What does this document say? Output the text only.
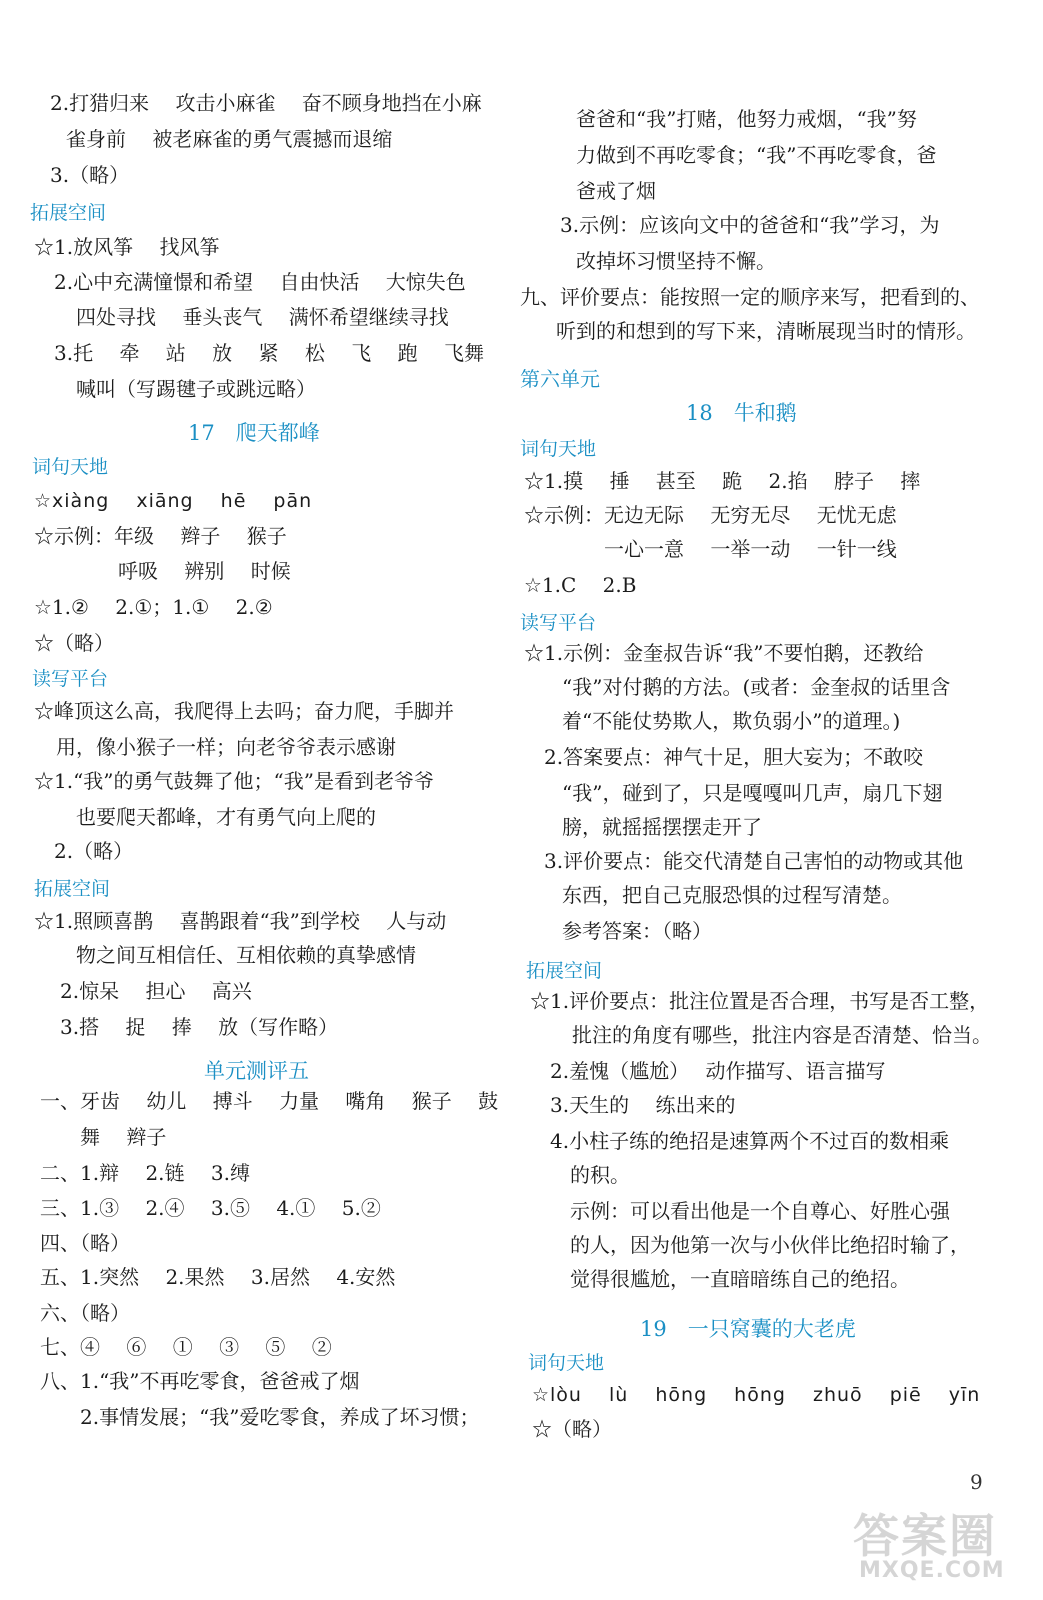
2.打猎归来　 攻击小麻雀　 奋不顾身地挡在小麻
雀身前　 被老麻雀的勇气震撼而退缩
3.（略）
拓展空间
☆1.放风筝　 找风筝
2.心中充满憧憬和希望　 自由快活　 大惊失色
四处寻找　 垂头丧气　 满怀希望继续寻找
3.托　 牵　 站　 放　 紧　 松　 飞　 跑　 飞舞
喊叫（写踢毽子或跳远略）
17　爬天都峰
词句天地
☆xiàng　 xiāng　 hē　 pān
☆示例：年级　 辫子　 猴子
呼吸　 辨别　 时候
☆1.②　 2.①；1.①　 2.②
☆（略）
读写平台
☆峰顶这么高，我爬得上去吗；奋力爬，手脚并
用，像小猴子一样；向老爷爷表示感谢
☆1.“我”的勇气鼓舞了他；“我”是看到老爷爷
也要爬天都峰，才有勇气向上爬的
2.（略）
拓展空间
☆1.照顾喜鹊　 喜鹊跟着“我”到学校　 人与动
物之间互相信任、互相依赖的真挚感情
2.惊呆　 担心　 高兴
3.搭　 捉　 捧　 放（写作略）
单元测评五
一、牙齿　 幼儿　 搏斗　 力量　 嘴角　 猴子　 鼓
舞　 辫子
二、1.辩　 2.链　 3.缚
三、1.③　 2.④　 3.⑤　 4.①　 5.②
四、（略）
五、1.突然　 2.果然　 3.居然　 4.安然
六、（略）
七、④　 ⑥　 ①　 ③　 ⑤　 ②
八、1.“我”不再吃零食，爸爸戒了烟
2.事情发展；“我”爱吃零食，养成了坏习惯；
爸爸和“我”打赌，他努力戒烟，“我”努
力做到不再吃零食；“我”不再吃零食，爸
爸戒了烟
3.示例：应该向文中的爸爸和“我”学习，为
改掉坏习惯坚持不懈。
九、评价要点：能按照一定的顺序来写，把看到的、
听到的和想到的写下来，清晰展现当时的情形。
第六单元
18　牛和鹅
词句天地
☆1.摸　 捶　 甚至　 跪　 2.掐　 脖子　 摔
☆示例：无边无际　 无穷无尽　 无忧无虑
一心一意　 一举一动　 一针一线
☆1.C　 2.B
读写平台
☆1.示例：金奎叔告诉“我”不要怕鹅，还教给
“我”对付鹅的方法。(或者：金奎叔的话里含
着“不能仗势欺人，欺负弱小”的道理。)
2.答案要点：神气十足，胆大妄为；不敢咬
“我”，碰到了，只是嘎嘎叫几声，扇几下翅
膀，就摇摇摆摆走开了
3.评价要点：能交代清楚自己害怕的动物或其他
东西，把自己克服恐惧的过程写清楚。
参考答案：（略）
拓展空间
☆1.评价要点：批注位置是否合理，书写是否工整，
批注的角度有哪些，批注内容是否清楚、恰当。
2.羞愧（尴尬）　 动作描写、语言描写
3.天生的　 练出来的
4.小柱子练的绝招是速算两个不过百的数相乘
的积。
示例：可以看出他是一个自尊心、好胜心强
的人，因为他第一次与小伙伴比绝招时输了，
觉得很尴尬，一直暗暗练自己的绝招。
19　一只窝囊的大老虎
词句天地
☆lòu　 lù　 hōng　 hōng　 zhuō　 piē　 yīn
☆（略）
9
答案圈
MXQE.COM
